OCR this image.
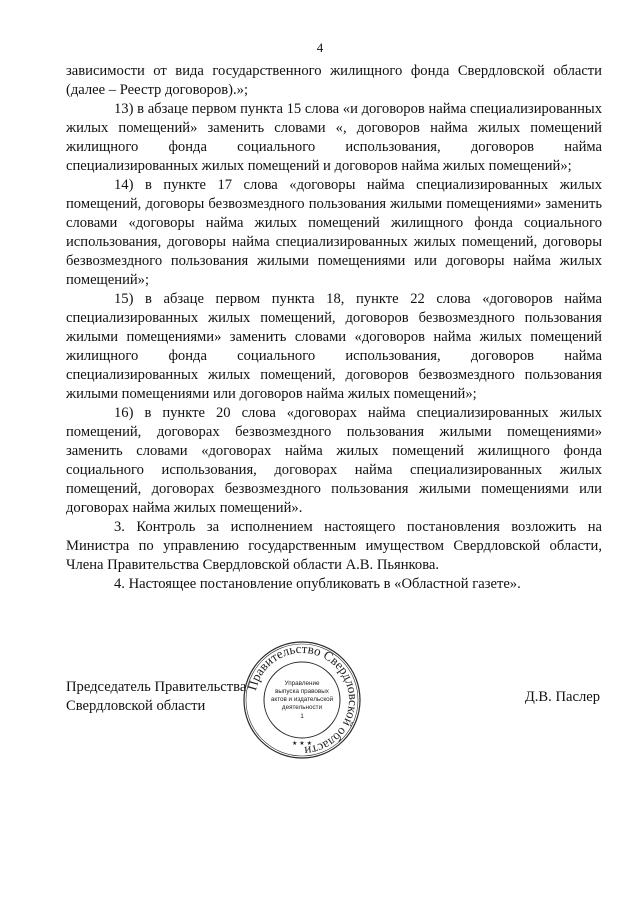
4

зависимости от вида государственного жилищного фонда Свердловской области (далее – Реестр договоров).»;

13) в абзаце первом пункта 15 слова «и договоров найма специализированных жилых помещений» заменить словами «, договоров найма жилых помещений жилищного фонда социального использования, договоров найма специализированных жилых помещений и договоров найма жилых помещений»;

14) в пункте 17 слова «договоры найма специализированных жилых помещений, договоры безвозмездного пользования жилыми помещениями» заменить словами «договоры найма жилых помещений жилищного фонда социального использования, договоры найма специализированных жилых помещений, договоры безвозмездного пользования жилыми помещениями или договоры найма жилых помещений»;

15) в абзаце первом пункта 18, пункте 22 слова «договоров найма специализированных жилых помещений, договоров безвозмездного пользования жилыми помещениями» заменить словами «договоров найма жилых помещений жилищного фонда социального использования, договоров найма специализированных жилых помещений, договоров безвозмездного пользования жилыми помещениями или договоров найма жилых помещений»;

16) в пункте 20 слова «договорах найма специализированных жилых помещений, договорах безвозмездного пользования жилыми помещениями» заменить словами «договорах найма жилых помещений жилищного фонда социального использования, договорах найма специализированных жилых помещений, договорах безвозмездного пользования жилыми помещениями или договорах найма жилых помещений».

3. Контроль за исполнением настоящего постановления возложить на Министра по управлению государственным имуществом Свердловской области, Члена Правительства Свердловской области А.В. Пьянкова.

4. Настоящее постановление опубликовать в «Областной газете».

Председатель Правительства
Свердловской области
Д.В. Паслер
Правительство Свердловской области
Управление
выпуска правовых
актов и издательской
деятельности
1
★ ★ ★
